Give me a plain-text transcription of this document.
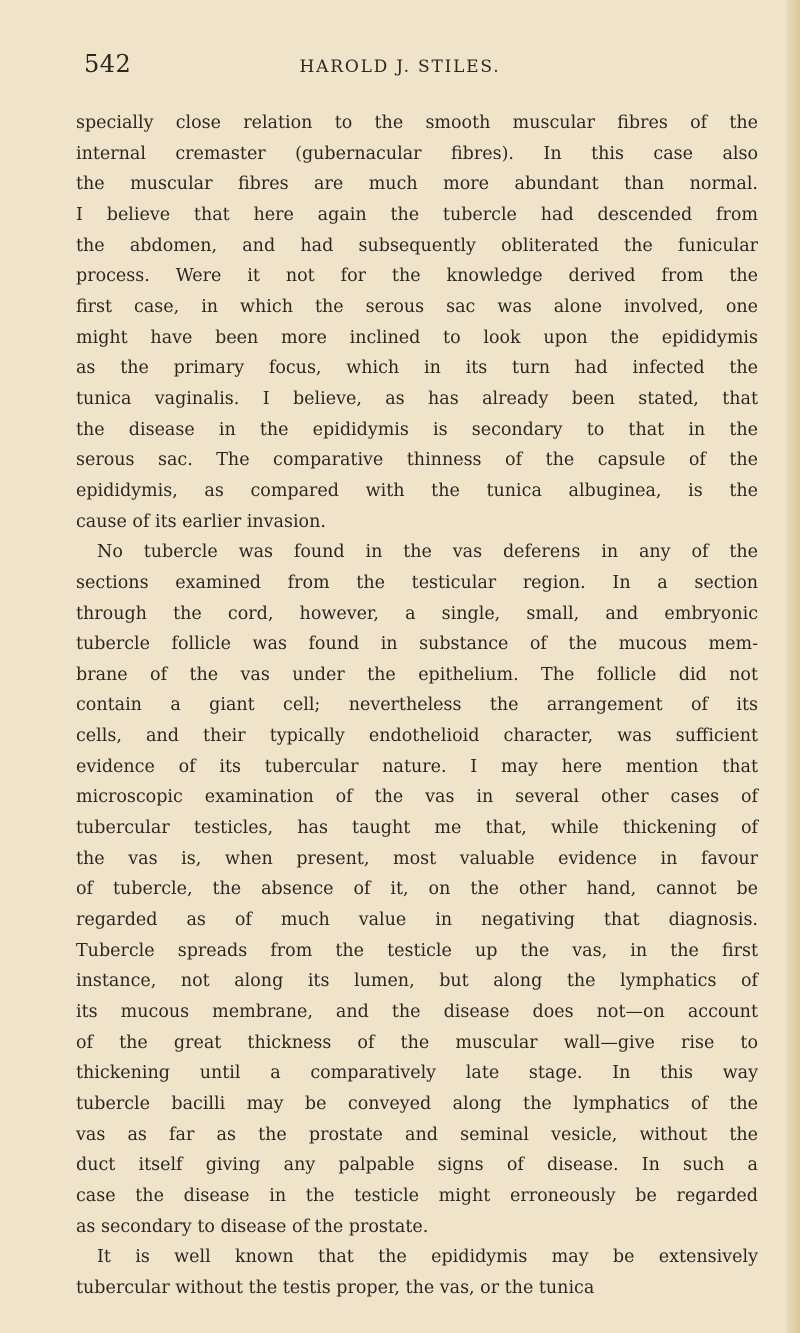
542	HAROLD J. STILES.
specially close relation to the smooth muscular fibres of the
internal cremaster (gubernacular fibres). In this case also
the muscular fibres are much more abundant than normal.
I believe that here again the tubercle had descended from
the abdomen, and had subsequently obliterated the funicular
process. Were it not for the knowledge derived from the
first case, in which the serous sac was alone involved, one
might have been more inclined to look upon the epididymis
as the primary focus, which in its turn had infected the
tunica vaginalis. I believe, as has already been stated, that
the disease in the epididymis is secondary to that in the
serous sac. The comparative thinness of the capsule of the
epididymis, as compared with the tunica albuginea, is the
cause of its earlier invasion.
No tubercle was found in the vas deferens in any of the
sections examined from the testicular region. In a section
through the cord, however, a single, small, and embryonic
tubercle follicle was found in substance of the mucous mem-
brane of the vas under the epithelium. The follicle did not
contain a giant cell; nevertheless the arrangement of its
cells, and their typically endothelioid character, was sufficient
evidence of its tubercular nature. I may here mention that
microscopic examination of the vas in several other cases of
tubercular testicles, has taught me that, while thickening of
the vas is, when present, most valuable evidence in favour
of tubercle, the absence of it, on the other hand, cannot be
regarded as of much value in negativing that diagnosis.
Tubercle spreads from the testicle up the vas, in the first
instance, not along its lumen, but along the lymphatics of
its mucous membrane, and the disease does not—on account
of the great thickness of the muscular wall—give rise to
thickening until a comparatively late stage. In this way
tubercle bacilli may be conveyed along the lymphatics of the
vas as far as the prostate and seminal vesicle, without the
duct itself giving any palpable signs of disease. In such a
case the disease in the testicle might erroneously be regarded
as secondary to disease of the prostate.
It is well known that the epididymis may be extensively
tubercular without the testis proper, the vas, or the tunica
